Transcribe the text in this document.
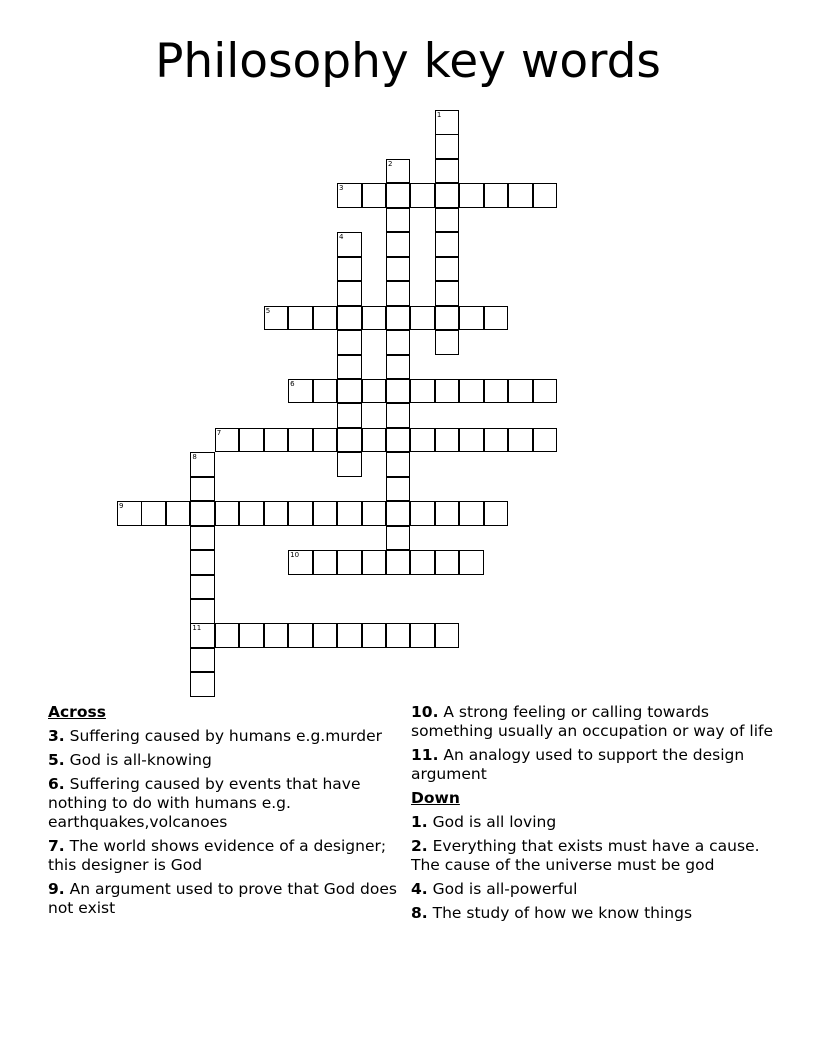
Philosophy key words
1
2
3
4
5
6
7
8
11
9
10
Across
3. Suffering caused by humans e.g.murder
5. God is all-knowing
6. Suffering caused by events that have nothing to do with humans e.g. earthquakes,volcanoes
7. The world shows evidence of a designer; this designer is God
9. An argument used to prove that God does not exist
10. A strong feeling or calling towards something usually an occupation or way of life
11. An analogy used to support the design argument
Down
1. God is all loving
2. Everything that exists must have a cause. The cause of the universe must be god
4. God is all-powerful
8. The study of how we know things
